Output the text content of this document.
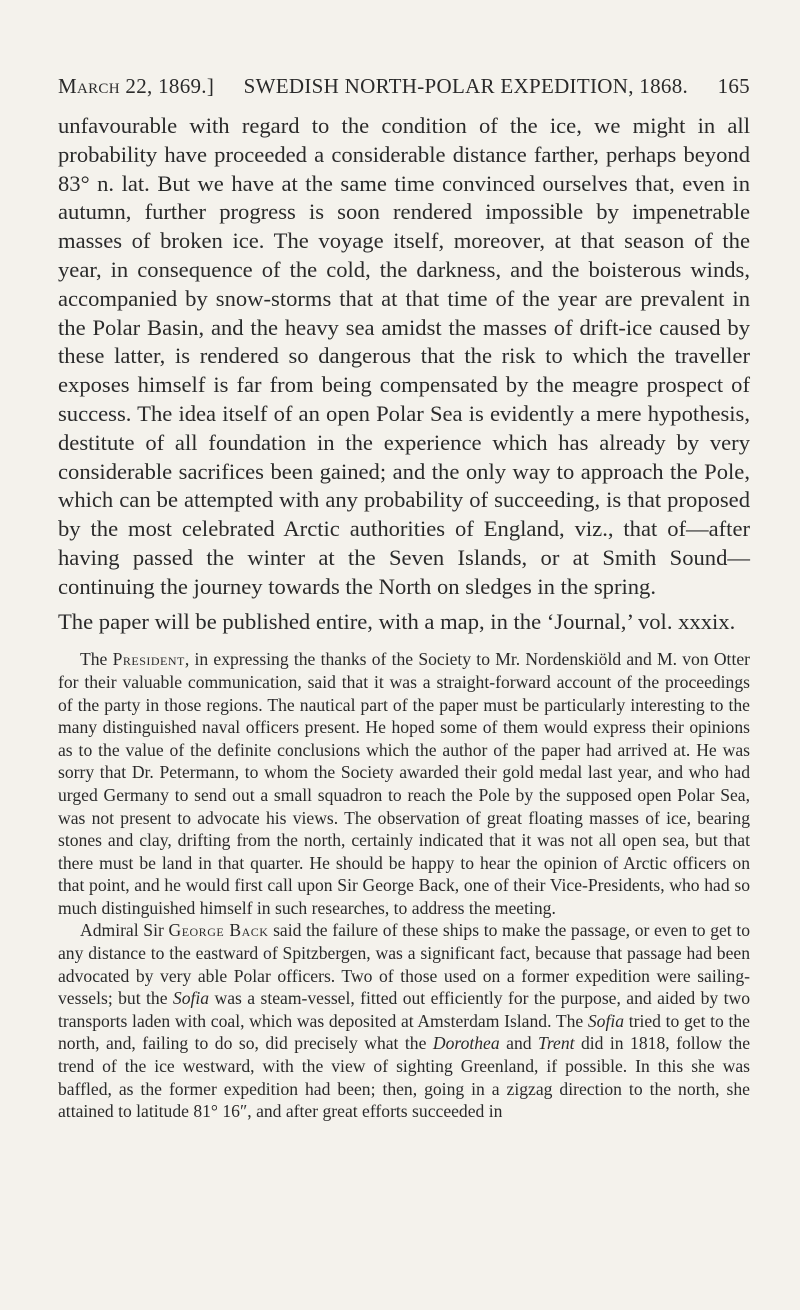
March 22, 1869.] SWEDISH NORTH-POLAR EXPEDITION, 1868. 165

unfavourable with regard to the condition of the ice, we might in all probability have proceeded a considerable distance farther, perhaps beyond 83° n. lat. But we have at the same time convinced ourselves that, even in autumn, further progress is soon rendered impossible by impenetrable masses of broken ice. The voyage itself, moreover, at that season of the year, in consequence of the cold, the darkness, and the boisterous winds, accompanied by snow-storms that at that time of the year are prevalent in the Polar Basin, and the heavy sea amidst the masses of drift-ice caused by these latter, is rendered so dangerous that the risk to which the traveller exposes himself is far from being compensated by the meagre prospect of success. The idea itself of an open Polar Sea is evidently a mere hypothesis, destitute of all foundation in the experience which has already by very considerable sacrifices been gained; and the only way to approach the Pole, which can be attempted with any probability of succeeding, is that proposed by the most celebrated Arctic authorities of England, viz., that of—after having passed the winter at the Seven Islands, or at Smith Sound—continuing the journey towards the North on sledges in the spring.

The paper will be published entire, with a map, in the ‘Journal,’ vol. xxxix.

The President, in expressing the thanks of the Society to Mr. Nordenskiöld and M. von Otter for their valuable communication, said that it was a straight-forward account of the proceedings of the party in those regions. The nautical part of the paper must be particularly interesting to the many distinguished naval officers present. He hoped some of them would express their opinions as to the value of the definite conclusions which the author of the paper had arrived at. He was sorry that Dr. Petermann, to whom the Society awarded their gold medal last year, and who had urged Germany to send out a small squadron to reach the Pole by the supposed open Polar Sea, was not present to advocate his views. The observation of great floating masses of ice, bearing stones and clay, drifting from the north, certainly indicated that it was not all open sea, but that there must be land in that quarter. He should be happy to hear the opinion of Arctic officers on that point, and he would first call upon Sir George Back, one of their Vice-Presidents, who had so much distinguished himself in such researches, to address the meeting.

Admiral Sir George Back said the failure of these ships to make the passage, or even to get to any distance to the eastward of Spitzbergen, was a significant fact, because that passage had been advocated by very able Polar officers. Two of those used on a former expedition were sailing-vessels; but the Sofia was a steam-vessel, fitted out efficiently for the purpose, and aided by two transports laden with coal, which was deposited at Amsterdam Island. The Sofia tried to get to the north, and, failing to do so, did precisely what the Dorothea and Trent did in 1818, follow the trend of the ice westward, with the view of sighting Greenland, if possible. In this she was baffled, as the former expedition had been; then, going in a zigzag direction to the north, she attained to latitude 81° 16″, and after great efforts succeeded in
